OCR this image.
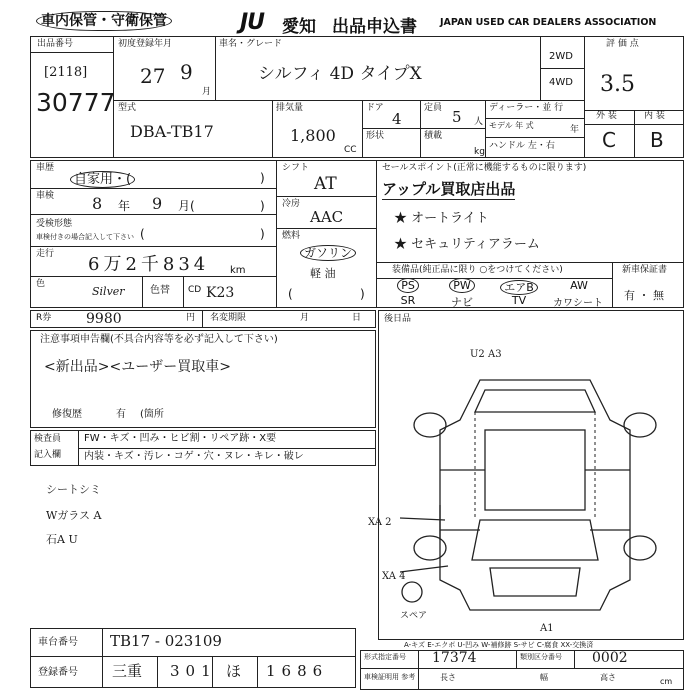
車内保管・守衛保管	JU 愛知 出品申込書 JAPAN USED CAR DEALERS ASSOCIATION
出品番号
[2118]
30777
初度登録年月
27 9
月
車名・グレード
シルフィ 4D タイプX
2WD
4WD
評 価 点
3.5
外 装	内 装
C B
型式
DBA-TB17
排気量
1,800
CC
ドア
4
形状
定員 5 人
積載
kg
ディーラー・並 行
モデル 年 式	年
ハンドル 左・右
車歴
自家用・(	)
車検 8 年 9 月(	)
受検形態
車検付きの場合記入して下さい (	)
走行 6万2千834 km
色
Silver	色替 CD K23
シフト
AT
冷房
AAC
燃料
ガソリン
軽 油
(	)
セールスポイント(正常に機能するものに限ります)
アップル買取店出品
★ オートライト
★ セキュリティアラーム
装備品(純正品に限り ○をつけてください)
PS	PW	エアB	AW
SR	ナビ	TV	カワシート
新車保証書
有 ・ 無
R券 9980	円 名変期限	月	日
注意事項申告欄(不具合内容等を必ず記入して下さい)
<新出品><ユーザー買取車>
修復歴	有 (箇所
検査員
記入欄
FW・キズ・凹み・ヒビ割・リペア跡・X要
内装・キズ・汚レ・コゲ・穴・ヌレ・キレ・破レ
シートシミ
Wガラス A
石A U
後日品
U2 A3
XA 2
XA 4
A1
スペア
A-キズ E-エクボ U-凹み W-補修跡 S-サビ C-腐食 XX-交換済
車台番号 TB17 - 023109
登録番号 三重 301 ほ 1686
形式指定番号 17374	類別区分番号 0002
車検証明用 参考	長さ	幅	高さ	cm
